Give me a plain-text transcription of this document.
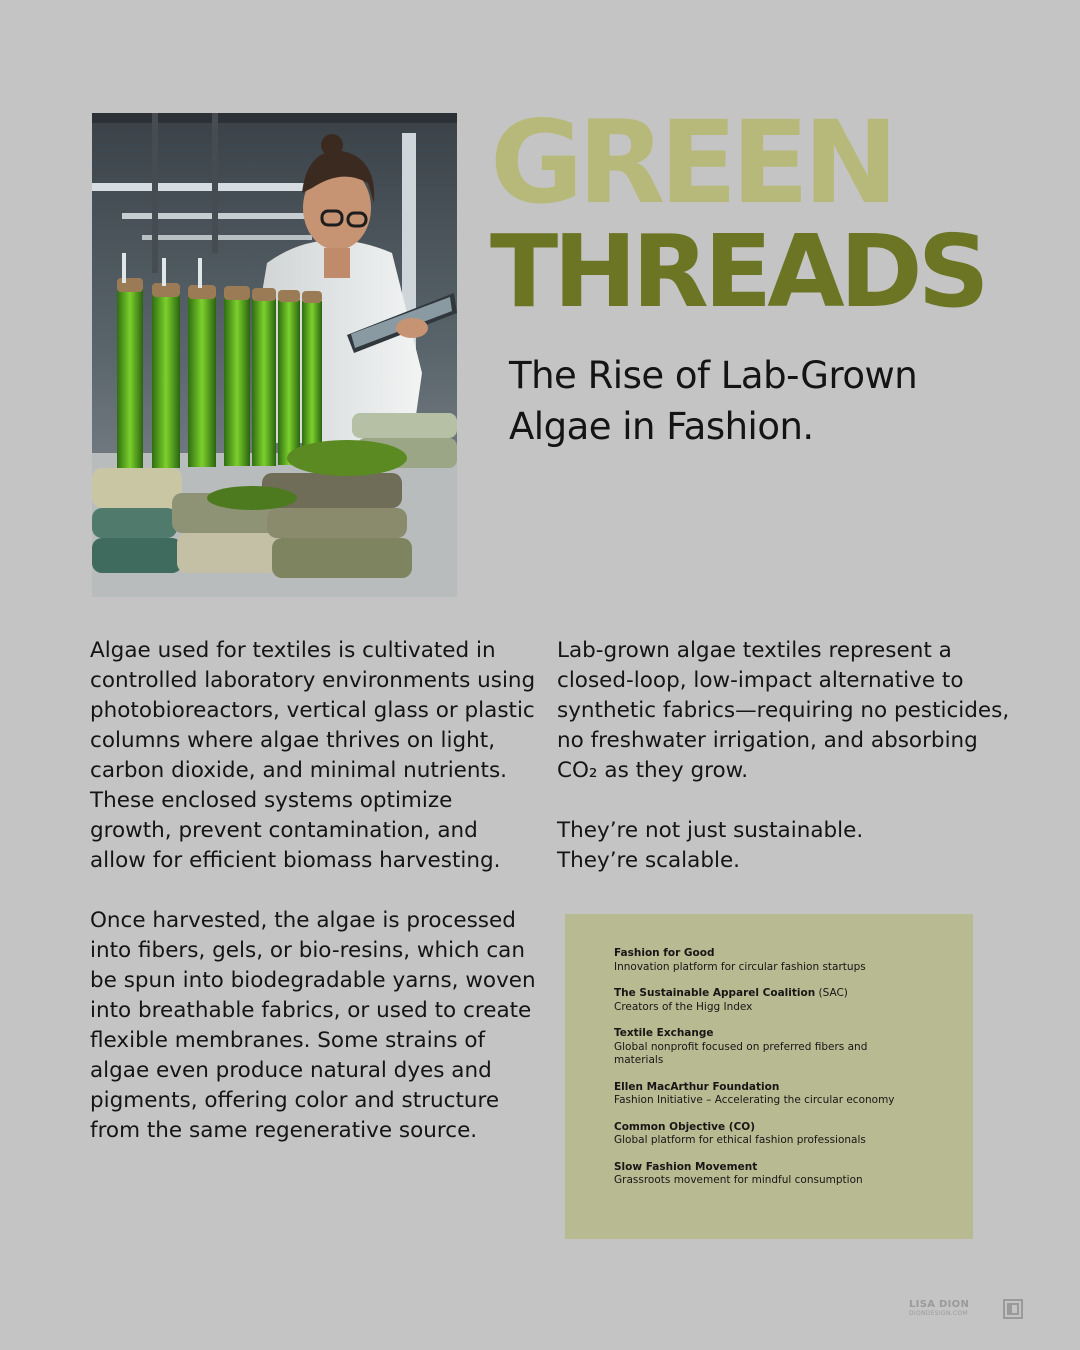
GREEN
THREADS
The Rise of Lab-Grown Algae in Fashion.

Algae used for textiles is cultivated in controlled laboratory environments using photobioreactors, vertical glass or plastic columns where algae thrives on light, carbon dioxide, and minimal nutrients. These enclosed systems optimize growth, prevent contamination, and allow for efficient biomass harvesting.

Once harvested, the algae is processed into fibers, gels, or bio-resins, which can be spun into biodegradable yarns, woven into breathable fabrics, or used to create flexible membranes. Some strains of algae even produce natural dyes and pigments, offering color and structure from the same regenerative source.

Lab-grown algae textiles represent a closed-loop, low-impact alternative to synthetic fabrics—requiring no pesticides, no freshwater irrigation, and absorbing CO₂ as they grow.

They’re not just sustainable.
They’re scalable.

Fashion for Good
Innovation platform for circular fashion startups
The Sustainable Apparel Coalition (SAC)
Creators of the Higg Index
Textile Exchange
Global nonprofit focused on preferred fibers and materials
Ellen MacArthur Foundation
Fashion Initiative – Accelerating the circular economy
Common Objective (CO)
Global platform for ethical fashion professionals
Slow Fashion Movement
Grassroots movement for mindful consumption
LISA DION
DIONDESIGN.COM
